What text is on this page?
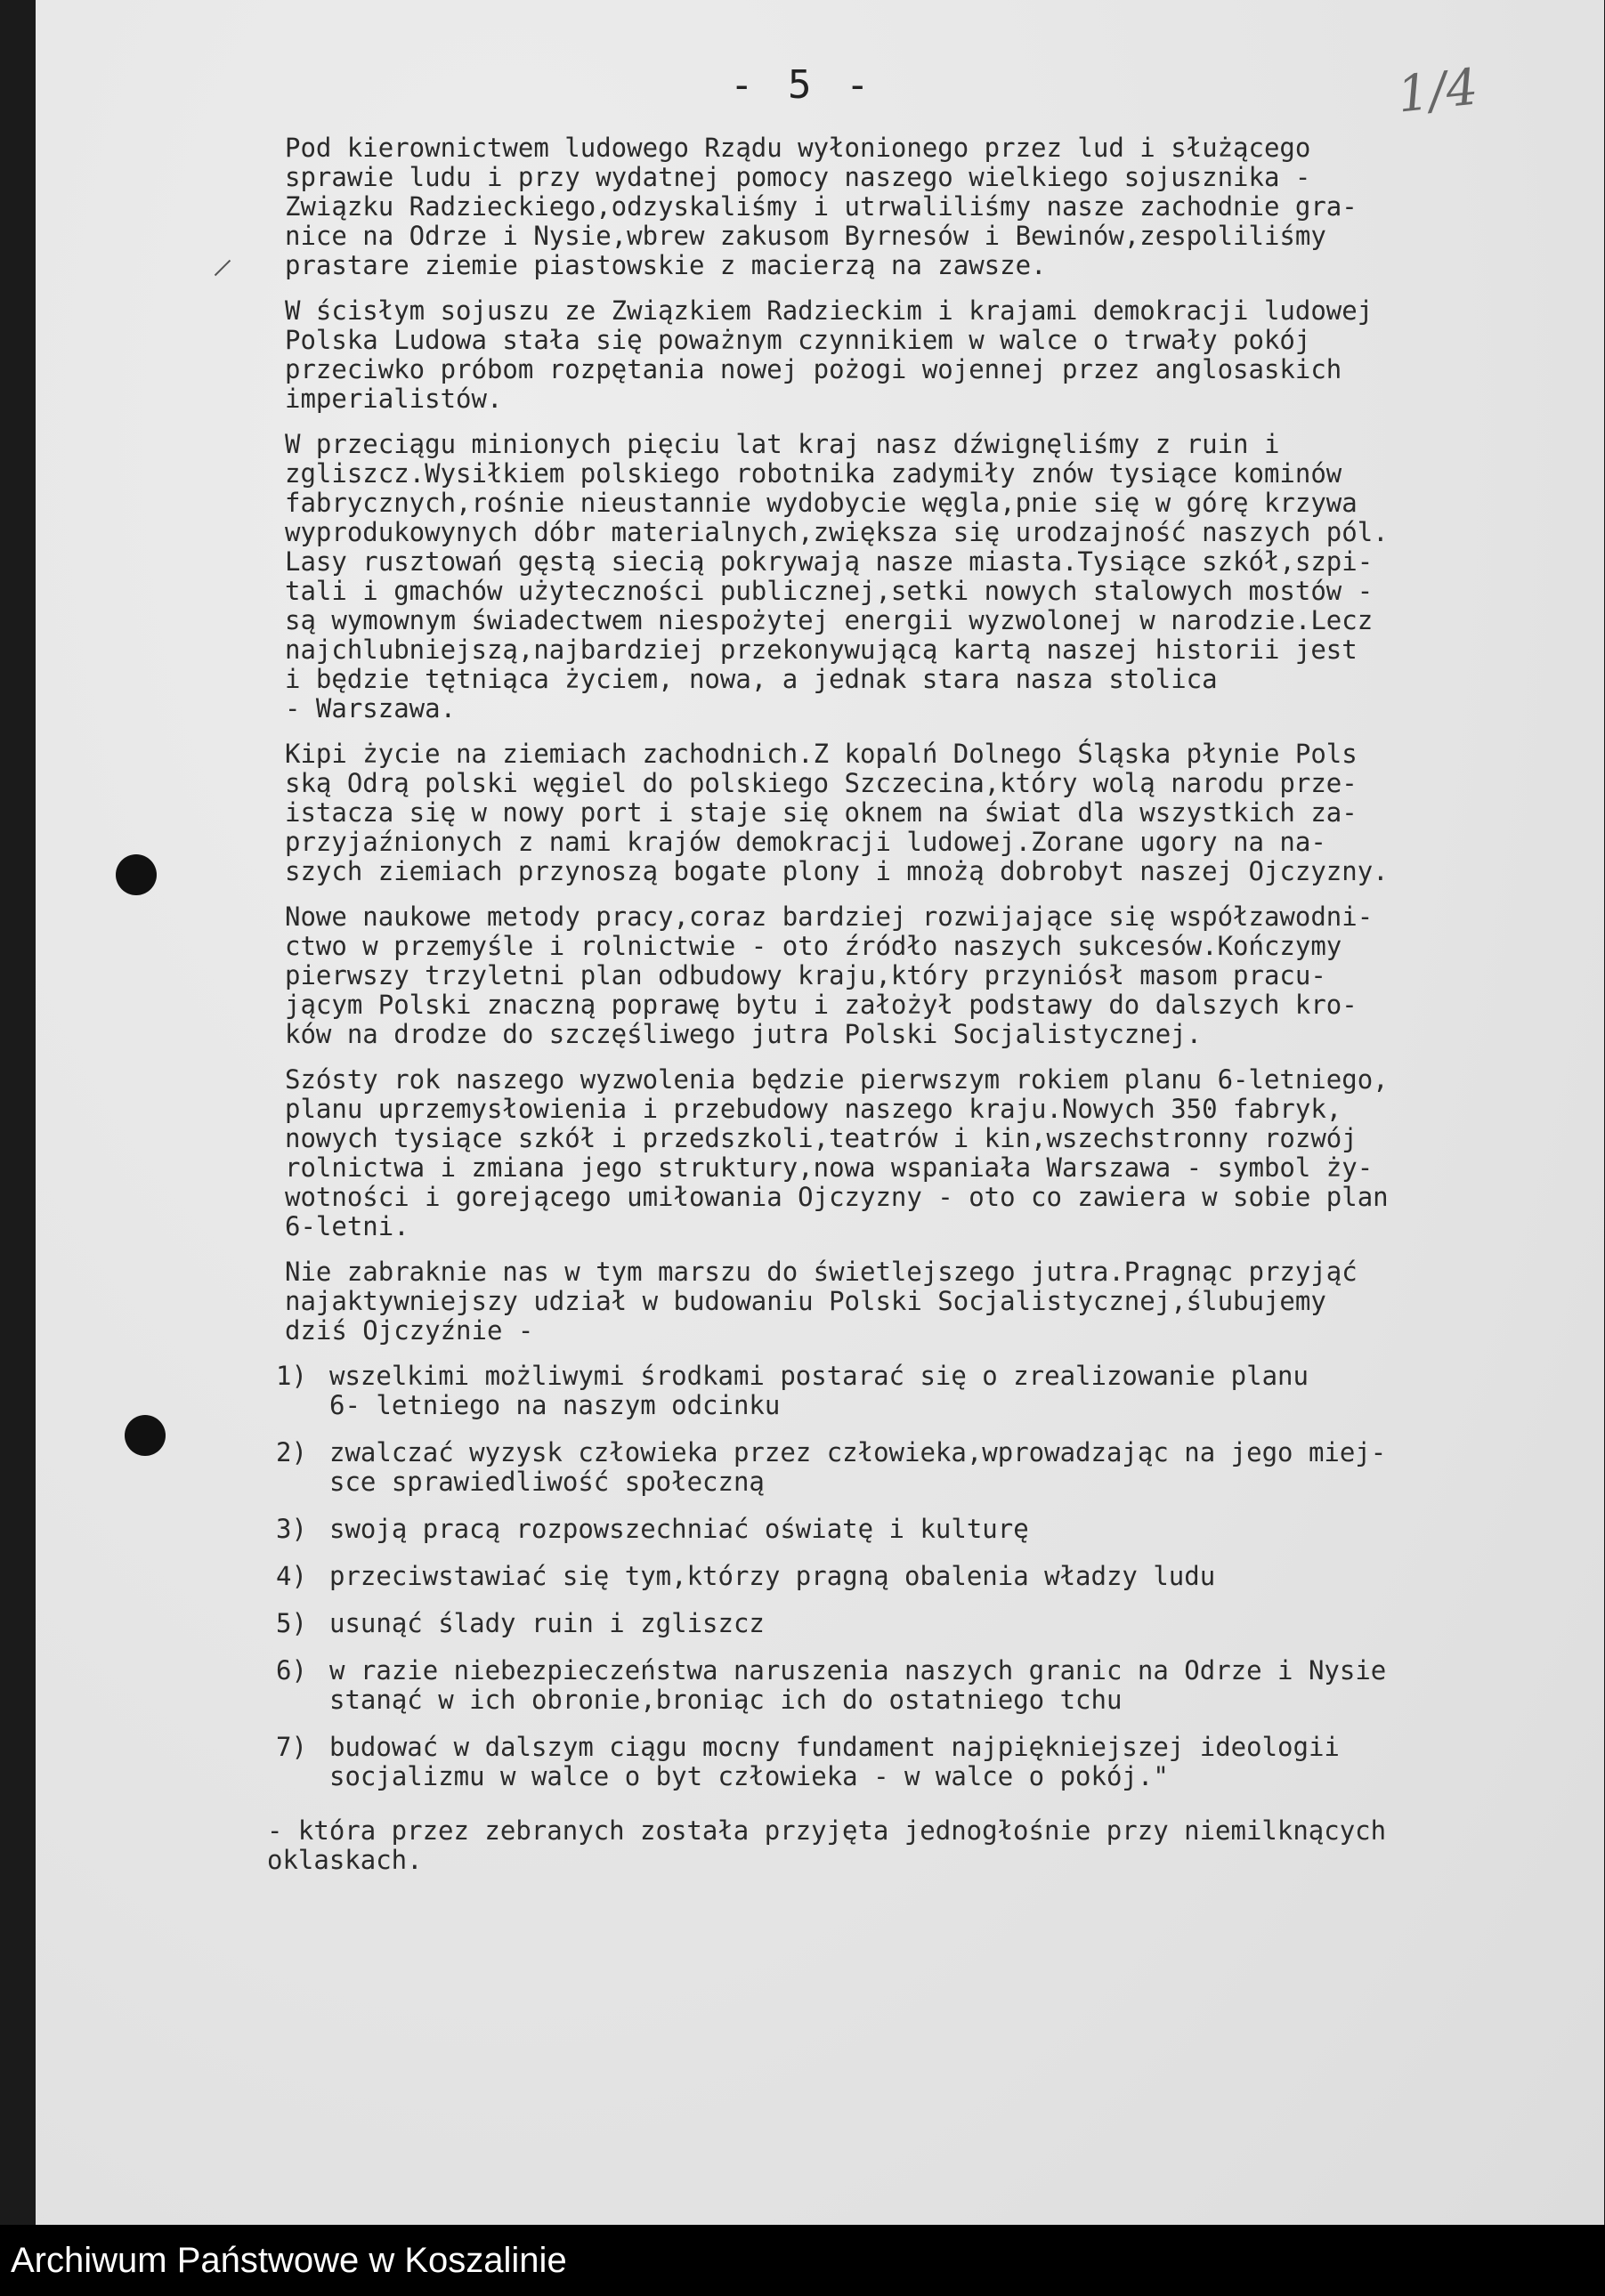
- 5 -	1/4

Pod kierownictwem ludowego Rządu wyłonionego przez lud i służącego
sprawie ludu i przy wydatnej pomocy naszego wielkiego sojusznika -
Związku Radzieckiego,odzyskaliśmy i utrwaliliśmy nasze zachodnie gra-
nice na Odrze i Nysie,wbrew zakusom Byrnesów i Bewinów,zespoliliśmy
prastare ziemie piastowskie z macierzą na zawsze.

W ścisłym sojuszu ze Związkiem Radzieckim i krajami demokracji ludowej
Polska Ludowa stała się poważnym czynnikiem w walce o trwały pokój
przeciwko próbom rozpętania nowej pożogi wojennej przez anglosaskich
imperialistów.

W przeciągu minionych pięciu lat kraj nasz dźwignęliśmy z ruin i
zgliszcz.Wysiłkiem polskiego robotnika zadymiły znów tysiące kominów
fabrycznych,rośnie nieustannie wydobycie węgla,pnie się w górę krzywa
wyprodukowynych dóbr materialnych,zwiększa się urodzajność naszych pól.
Lasy rusztowań gęstą siecią pokrywają nasze miasta.Tysiące szkół,szpi-
tali i gmachów użyteczności publicznej,setki nowych stalowych mostów -
są wymownym świadectwem niespożytej energii wyzwolonej w narodzie.Lecz
najchlubniejszą,najbardziej przekonywującą kartą naszej historii jest
i będzie tętniąca życiem, nowa, a jednak stara nasza stolica
- Warszawa.

Kipi życie na ziemiach zachodnich.Z kopalń Dolnego Śląska płynie Pols
ską Odrą polski węgiel do polskiego Szczecina,który wolą narodu prze-
istacza się w nowy port i staje się oknem na świat dla wszystkich za-
przyjaźnionych z nami krajów demokracji ludowej.Zorane ugory na na-
szych ziemiach przynoszą bogate plony i mnożą dobrobyt naszej Ojczyzny.

Nowe naukowe metody pracy,coraz bardziej rozwijające się współzawodni-
ctwo w przemyśle i rolnictwie - oto źródło naszych sukcesów.Kończymy
pierwszy trzyletni plan odbudowy kraju,który przyniósł masom pracu-
jącym Polski znaczną poprawę bytu i założył podstawy do dalszych kro-
ków na drodze do szczęśliwego jutra Polski Socjalistycznej.

Szósty rok naszego wyzwolenia będzie pierwszym rokiem planu 6-letniego,
planu uprzemysłowienia i przebudowy naszego kraju.Nowych 350 fabryk,
nowych tysiące szkół i przedszkoli,teatrów i kin,wszechstronny rozwój
rolnictwa i zmiana jego struktury,nowa wspaniała Warszawa - symbol ży-
wotności i gorejącego umiłowania Ojczyzny - oto co zawiera w sobie plan
6-letni.

Nie zabraknie nas w tym marszu do świetlejszego jutra.Pragnąc przyjąć
najaktywniejszy udział w budowaniu Polski Socjalistycznej,ślubujemy
dziś Ojczyźnie -

1) wszelkimi możliwymi środkami postarać się o zrealizowanie planu
6- letniego na naszym odcinku
2) zwalczać wyzysk człowieka przez człowieka,wprowadzając na jego miej-
sce sprawiedliwość społeczną
3) swoją pracą rozpowszechniać oświatę i kulturę
4) przeciwstawiać się tym,którzy pragną obalenia władzy ludu
5) usunąć ślady ruin i zgliszcz
6) w razie niebezpieczeństwa naruszenia naszych granic na Odrze i Nysie
stanąć w ich obronie,broniąc ich do ostatniego tchu
7) budować w dalszym ciągu mocny fundament najpiękniejszej ideologii
socjalizmu w walce o byt człowieka - w walce o pokój."

- która przez zebranych została przyjęta jednogłośnie przy niemilknących
oklaskach.

Archiwum Państwowe w Koszalinie
